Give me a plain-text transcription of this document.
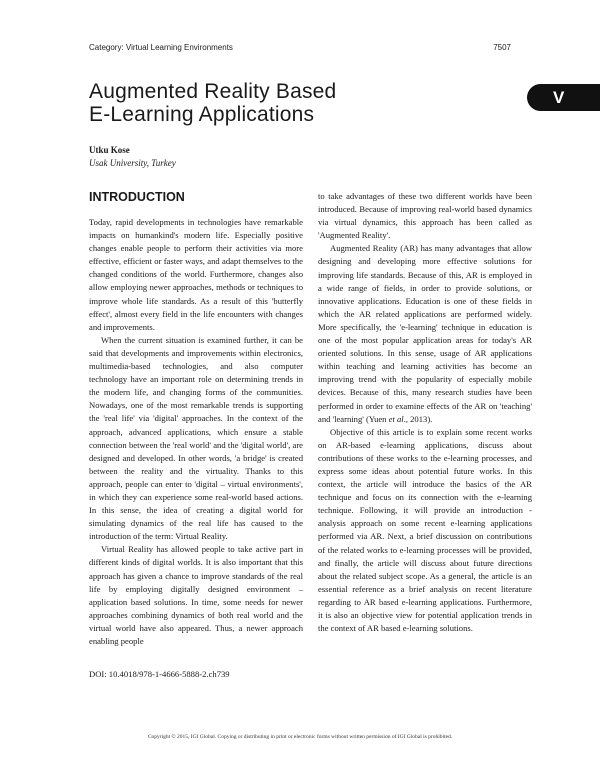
Category: Virtual Learning Environments	7507
Augmented Reality Based
E-Learning Applications
V
Utku Kose
Usak University, Turkey
INTRODUCTION

Today, rapid developments in technologies have remarkable impacts on humankind's modern life. Especially positive changes enable people to perform their activities via more effective, efficient or faster ways, and adapt themselves to the changed conditions of the world. Furthermore, changes also allow employing newer approaches, methods or techniques to improve whole life standards. As a result of this 'butterfly effect', almost every field in the life encounters with changes and improvements.

When the current situation is examined further, it can be said that developments and improvements within electronics, multimedia-based technologies, and also computer technology have an important role on determining trends in the modern life, and changing forms of the communities. Nowadays, one of the most remarkable trends is supporting the 'real life' via 'digital' approaches. In the context of the approach, advanced applications, which ensure a stable connection between the 'real world' and the 'digital world', are designed and developed. In other words, 'a bridge' is created between the reality and the virtuality. Thanks to this approach, people can enter to 'digital – virtual environments', in which they can experience some real-world based actions. In this sense, the idea of creating a digital world for simulating dynamics of the real life has caused to the introduction of the term: Virtual Reality.

Virtual Reality has allowed people to take active part in different kinds of digital worlds. It is also important that this approach has given a chance to improve standards of the real life by employing digitally designed environment – application based solutions. In time, some needs for newer approaches combining dynamics of both real world and the virtual world have also appeared. Thus, a newer approach enabling people

to take advantages of these two different worlds have been introduced. Because of improving real-world based dynamics via virtual dynamics, this approach has been called as 'Augmented Reality'.

Augmented Reality (AR) has many advantages that allow designing and developing more effective solutions for improving life standards. Because of this, AR is employed in a wide range of fields, in order to provide solutions, or innovative applications. Education is one of these fields in which the AR related applications are performed widely. More specifically, the 'e-learning' technique in education is one of the most popular application areas for today's AR oriented solutions. In this sense, usage of AR applications within teaching and learning activities has become an improving trend with the popularity of especially mobile devices. Because of this, many research studies have been performed in order to examine effects of the AR on 'teaching' and 'learning' (Yuen et al., 2013).

Objective of this article is to explain some recent works on AR-based e-learning applications, discuss about contributions of these works to the e-learning processes, and express some ideas about potential future works. In this context, the article will introduce the basics of the AR technique and focus on its connection with the e-learning technique. Following, it will provide an introduction - analysis approach on some recent e-learning applications performed via AR. Next, a brief discussion on contributions of the related works to e-learning processes will be provided, and finally, the article will discuss about future directions about the related subject scope. As a general, the article is an essential reference as a brief analysis on recent literature regarding to AR based e-learning applications. Furthermore, it is also an objective view for potential application trends in the context of AR based e-learning solutions.

DOI: 10.4018/978-1-4666-5888-2.ch739
Copyright © 2015, IGI Global. Copying or distributing in print or electronic forms without written permission of IGI Global is prohibited.
